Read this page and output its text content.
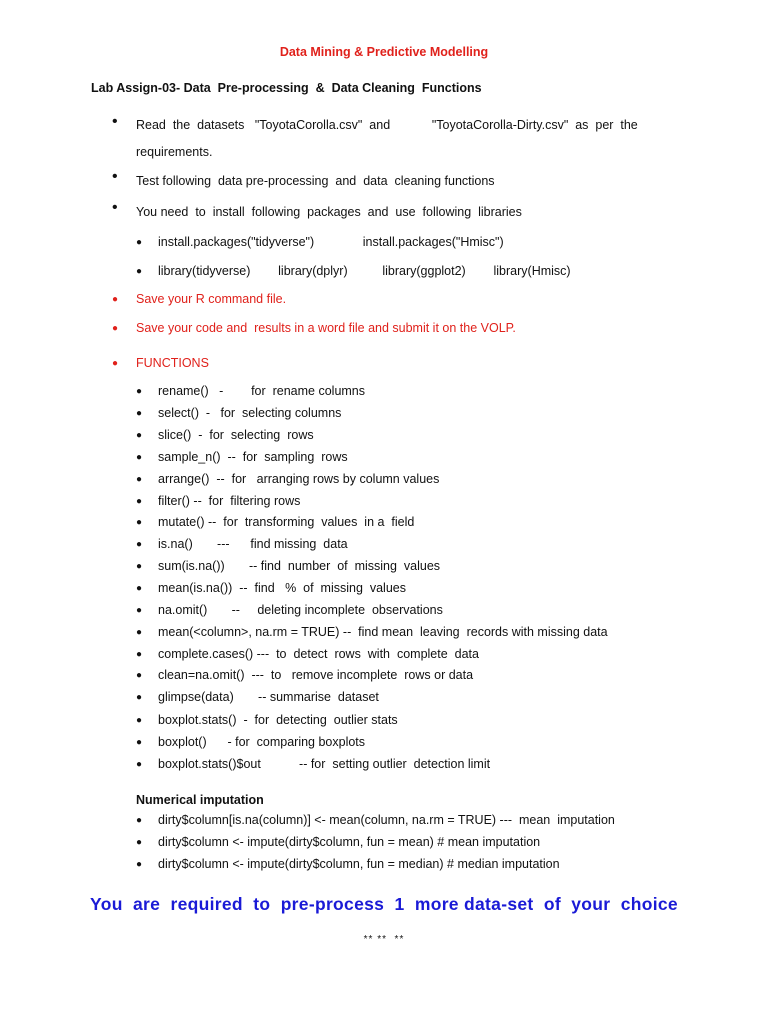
Data Mining & Predictive Modelling
Lab Assign-03- Data  Pre-processing  &  Data Cleaning  Functions
• Read  the  datasets   "ToyotaCorolla.csv"  and            "ToyotaCorolla-Dirty.csv"  as  per  the
requirements.
• Test following  data pre-processing  and  data  cleaning functions
• You need  to  install  following  packages  and  use  following  libraries
● install.packages("tidyverse")              install.packages("Hmisc")
● library(tidyverse)        library(dplyr)          library(ggplot2)        library(Hmisc)
● Save your R command file.
● Save your code and  results in a word file and submit it on the VOLP.
● FUNCTIONS
● rename()   -        for  rename columns
● select()  -   for  selecting columns
● slice()  -  for  selecting  rows
● sample_n()  --  for  sampling  rows
● arrange()  --  for   arranging rows by column values
● filter() --  for  filtering rows
● mutate() --  for  transforming  values  in a  field
● is.na()       ---      find missing  data
● sum(is.na())       -- find  number  of  missing  values
● mean(is.na())  --  find   %  of  missing  values
● na.omit()       --     deleting incomplete  observations
● mean(<column>, na.rm = TRUE) --  find mean  leaving  records with missing data
● complete.cases() ---  to  detect  rows  with  complete  data
● clean=na.omit()  ---  to   remove incomplete  rows or data
● glimpse(data)       -- summarise  dataset
● boxplot.stats()  -  for  detecting  outlier stats
● boxplot()      - for  comparing boxplots
● boxplot.stats()$out           -- for  setting outlier  detection limit
Numerical imputation
● dirty$column[is.na(column)] <- mean(column, na.rm = TRUE) ---  mean  imputation
● dirty$column <- impute(dirty$column, fun = mean) # mean imputation
● dirty$column <- impute(dirty$column, fun = median) # median imputation
You  are  required  to  pre-process  1  more data-set  of  your  choice
** **  **
